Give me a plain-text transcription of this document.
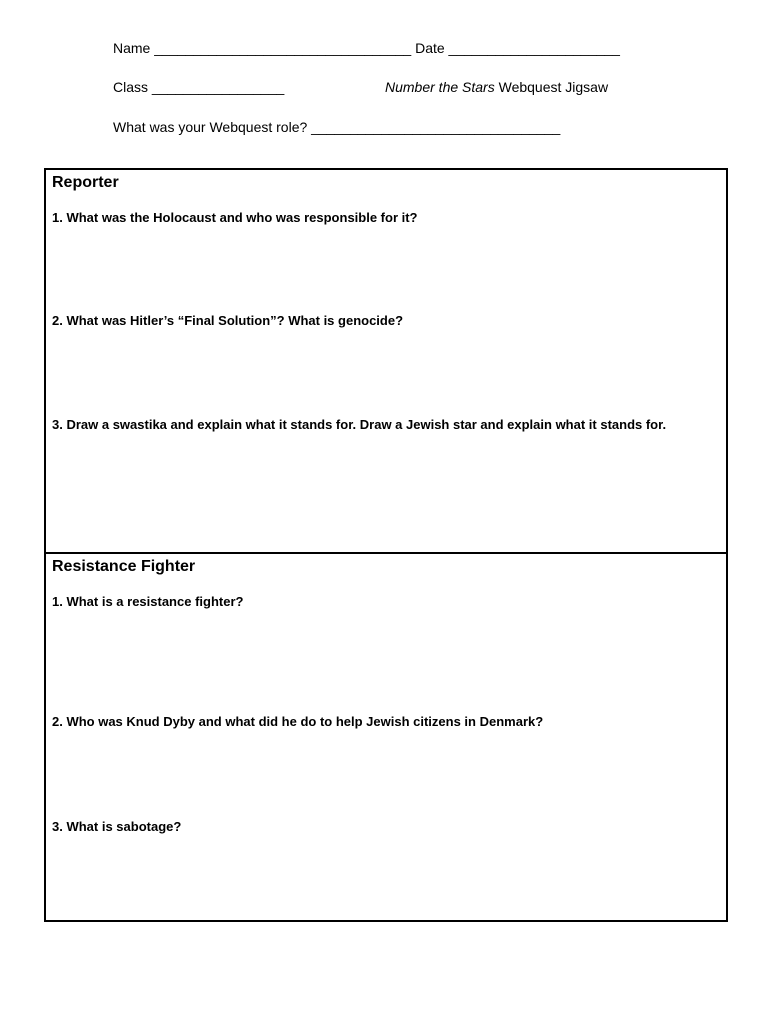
Name _________________________________ Date ______________________
Class _________________	Number the Stars Webquest Jigsaw
What was your Webquest role? ________________________________
Reporter
1. What was the Holocaust and who was responsible for it?
2. What was Hitler’s “Final Solution”? What is genocide?
3. Draw a swastika and explain what it stands for. Draw a Jewish star and explain what it stands for.
Resistance Fighter
1. What is a resistance fighter?
2. Who was Knud Dyby and what did he do to help Jewish citizens in Denmark?
3. What is sabotage?
